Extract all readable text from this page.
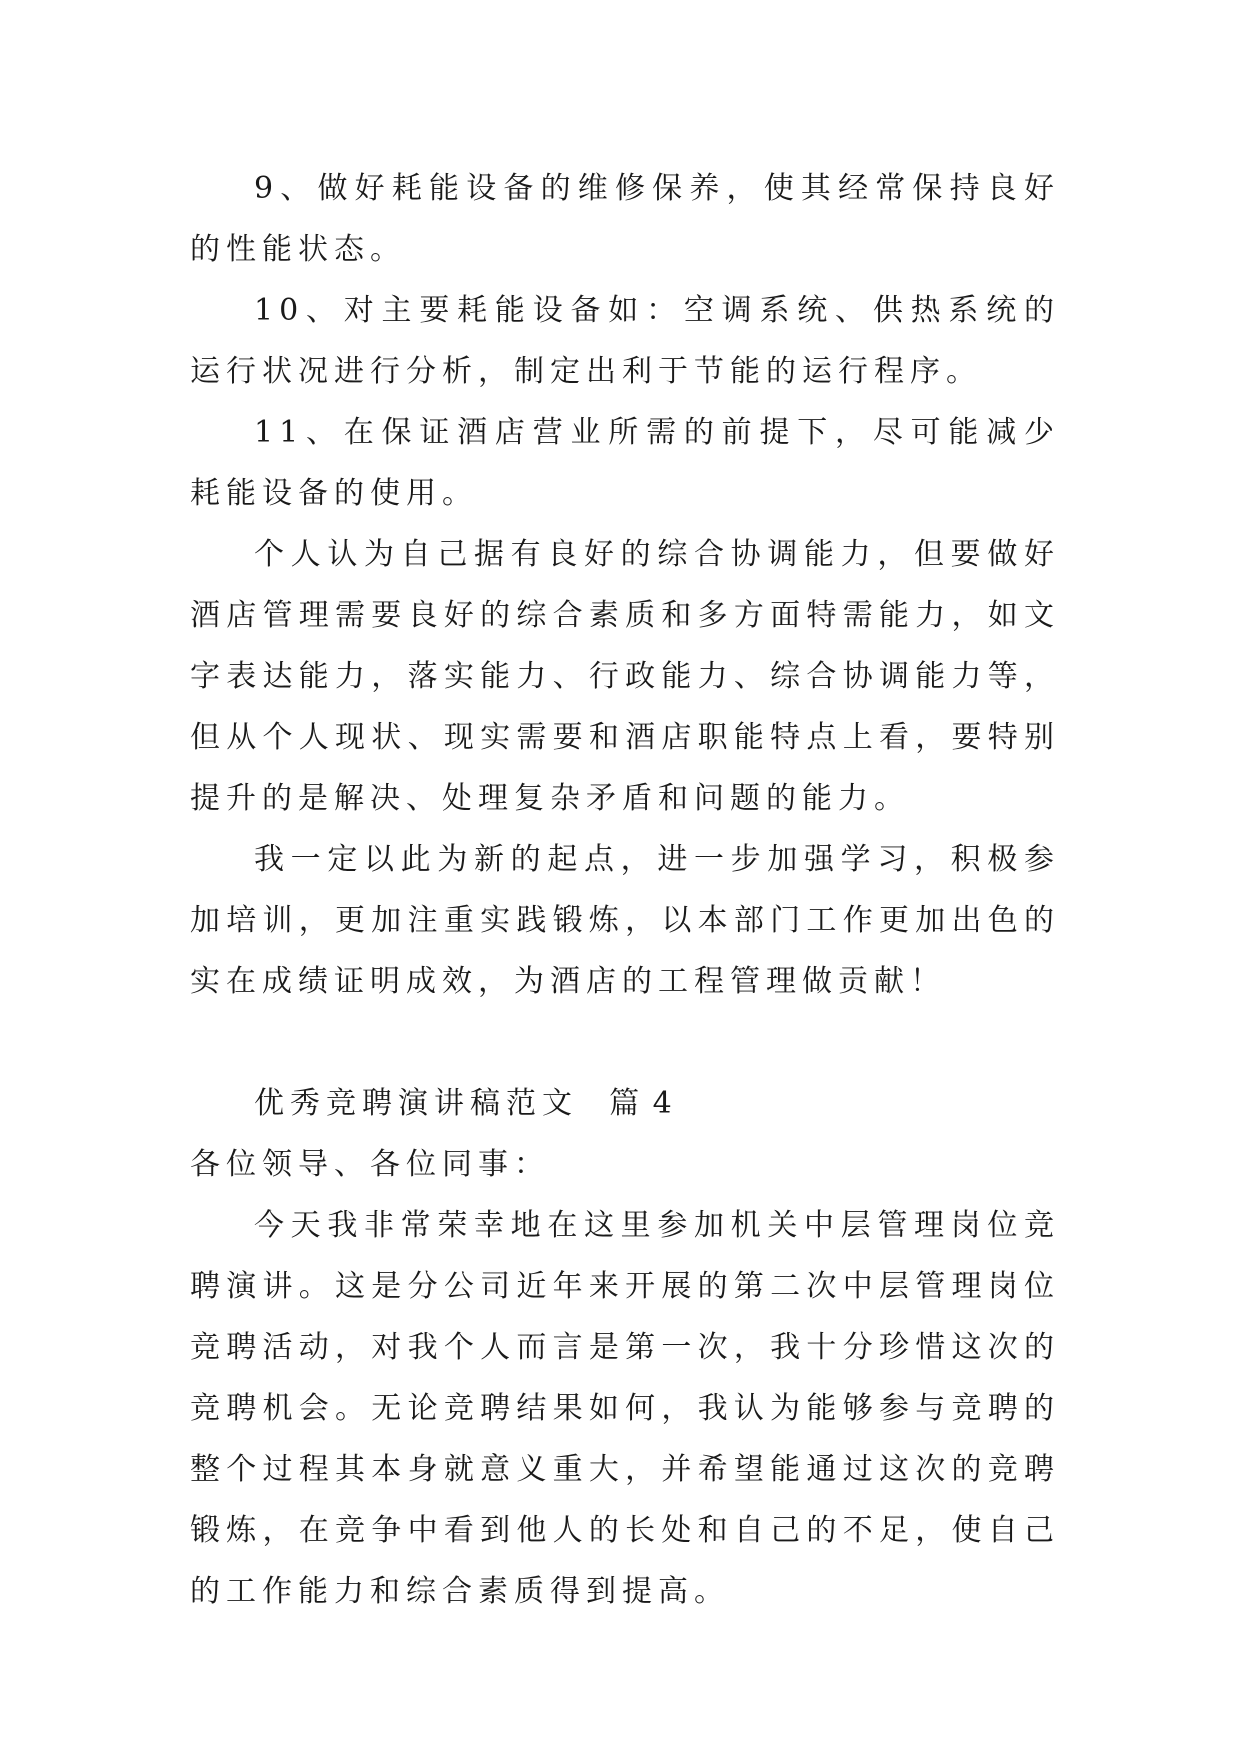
9、做好耗能设备的维修保养，使其经常保持良好的性能状态。

10、对主要耗能设备如：空调系统、供热系统的运行状况进行分析，制定出利于节能的运行程序。

11、在保证酒店营业所需的前提下，尽可能减少耗能设备的使用。

个人认为自己据有良好的综合协调能力，但要做好酒店管理需要良好的综合素质和多方面特需能力，如文字表达能力，落实能力、行政能力、综合协调能力等，但从个人现状、现实需要和酒店职能特点上看，要特别提升的是解决、处理复杂矛盾和问题的能力。

我一定以此为新的起点，进一步加强学习，积极参加培训，更加注重实践锻炼，以本部门工作更加出色的实在成绩证明成效，为酒店的工程管理做贡献！

优秀竞聘演讲稿范文 篇 4

各位领导、各位同事：

今天我非常荣幸地在这里参加机关中层管理岗位竞聘演讲。这是分公司近年来开展的第二次中层管理岗位竞聘活动，对我个人而言是第一次，我十分珍惜这次的竞聘机会。无论竞聘结果如何，我认为能够参与竞聘的整个过程其本身就意义重大，并希望能通过这次的竞聘锻炼，在竞争中看到他人的长处和自己的不足，使自己的工作能力和综合素质得到提高。
